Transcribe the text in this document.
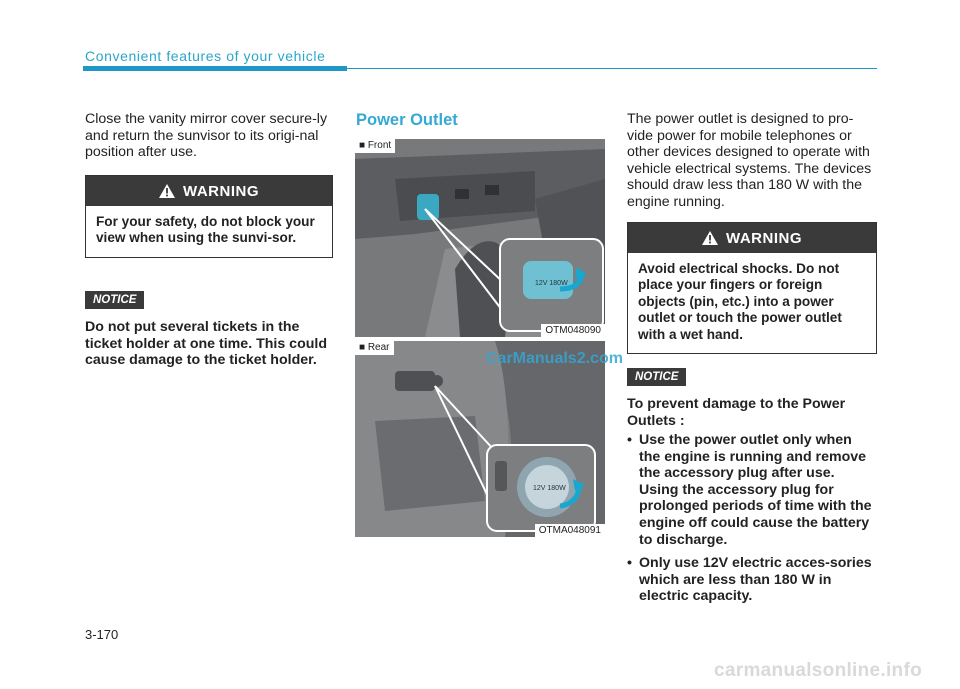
Convenient features of your vehicle
Close the vanity mirror cover secure-ly and return the sunvisor to its origi-nal position after use.
WARNING
For your safety, do not block your view when using the sunvi-sor.
NOTICE
Do not put several tickets in the ticket holder at one time. This could cause damage to the ticket holder.
Power Outlet
12V 180W
■ Front
OTM048090
12V 180W
■ Rear
OTMA048091
CarManuals2.com
The power outlet is designed to pro-vide power for mobile telephones or other devices designed to operate with vehicle electrical systems. The devices should draw less than 180 W with the engine running.
WARNING
Avoid electrical shocks. Do not place your fingers or foreign objects (pin, etc.) into a power outlet or touch the power outlet with a wet hand.
NOTICE
To prevent damage to the Power Outlets :
• Use the power outlet only when the engine is running and remove the accessory plug after use. Using the accessory plug for prolonged periods of time with the engine off could cause the battery to discharge.
• Only use 12V electric acces-sories which are less than 180 W in electric capacity.
3-170
carmanualsonline.info
